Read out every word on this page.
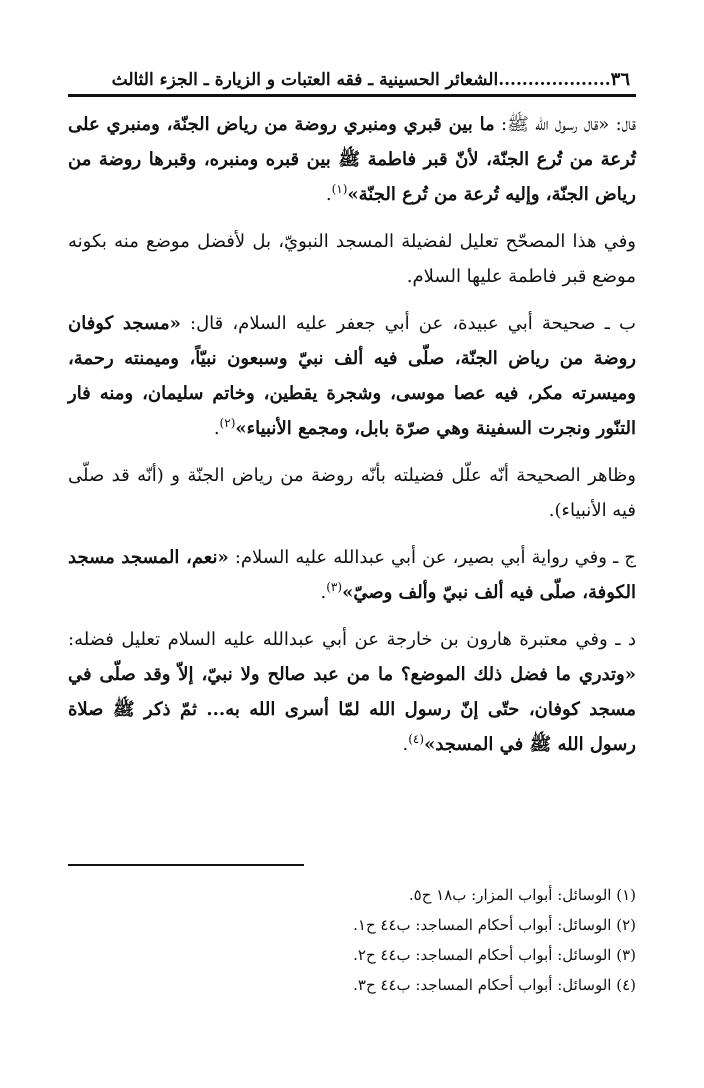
٣٦
...................
الشعائر الحسينية ـ فقه العتبات و الزيارة ـ الجزء الثالث

قال: «قال رسول الله ﷺ: ما بين قبري ومنبري روضة من رياض الجنّة، ومنبري على تُرعة من تُرع الجنّة، لأنّ قبر فاطمة ﷺ بين قبره ومنبره، وقبرها روضة من رياض الجنّة، وإليه تُرعة من تُرع الجنّة»$^{(١)}$.

وفي هذا المصحّح تعليل لفضيلة المسجد النبويّ، بل لأفضل موضع منه بكونه موضع قبر فاطمة عليها السلام.

ب ـ صحيحة أبي عبيدة، عن أبي جعفر عليه السلام، قال: «مسجد كوفان روضة من رياض الجنّة، صلّى فيه ألف نبيّ وسبعون نبيّاً، وميمنته رحمة، وميسرته مكر، فيه عصا موسى، وشجرة يقطين، وخاتم سليمان، ومنه فار التنّور ونجرت السفينة وهي صرّة بابل، ومجمع الأنبياء»$^{(٢)}$.

وظاهر الصحيحة أنّه علّل فضيلته بأنّه روضة من رياض الجنّة و (أنّه قد صلّى فيه الأنبياء).

ج ـ وفي رواية أبي بصير، عن أبي عبدالله عليه السلام: «نعم، المسجد مسجد الكوفة، صلّى فيه ألف نبيّ وألف وصيّ»$^{(٣)}$.

د ـ وفي معتبرة هارون بن خارجة عن أبي عبدالله عليه السلام تعليل فضله: «وتدري ما فضل ذلك الموضع؟ ما من عبد صالح ولا نبيّ، إلاّ وقد صلّى في مسجد كوفان، حتّى إنّ رسول الله لمّا أسرى الله به... ثمّ ذكر ﷺ صلاة رسول الله ﷺ في المسجد»$^{(٤)}$.

(١) الوسائل: أبواب المزار: ب١٨ ح٥.

(٢) الوسائل: أبواب أحكام المساجد: ب٤٤ ح١.

(٣) الوسائل: أبواب أحكام المساجد: ب٤٤ ح٢.

(٤) الوسائل: أبواب أحكام المساجد: ب٤٤ ح٣.
